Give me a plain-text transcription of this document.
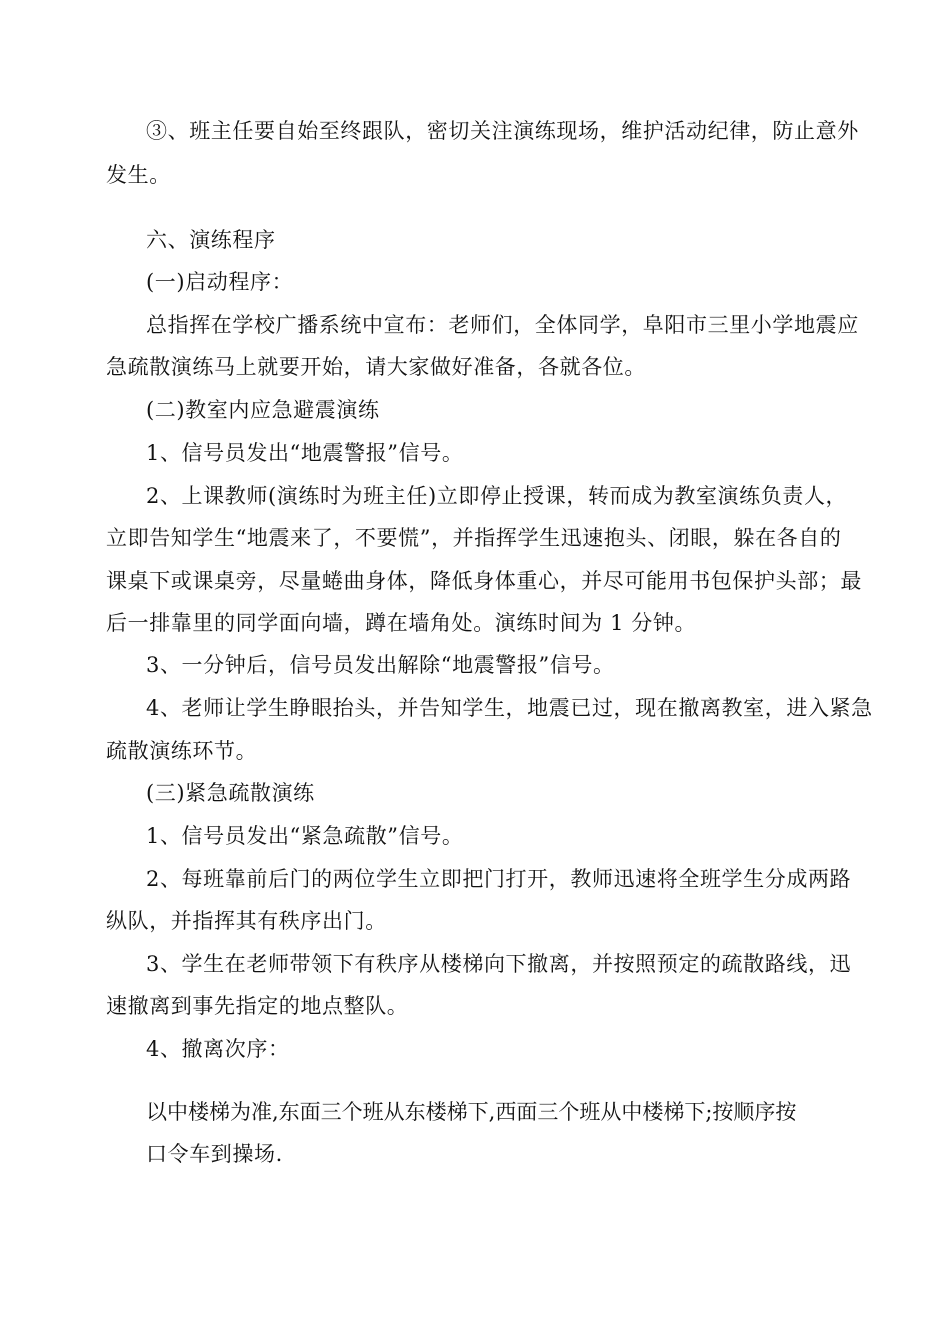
③、班主任要自始至终跟队，密切关注演练现场，维护活动纪律，防止意外
发生。
六、演练程序
(一)启动程序：
总指挥在学校广播系统中宣布：老师们，全体同学，阜阳市三里小学地震应
急疏散演练马上就要开始，请大家做好准备，各就各位。
(二)教室内应急避震演练
1、信号员发出“地震警报”信号。
2、上课教师(演练时为班主任)立即停止授课，转而成为教室演练负责人，
立即告知学生“地震来了，不要慌”，并指挥学生迅速抱头、闭眼，躲在各自的
课桌下或课桌旁，尽量蜷曲身体，降低身体重心，并尽可能用书包保护头部；最
后一排靠里的同学面向墙，蹲在墙角处。演练时间为 1 分钟。
3、一分钟后，信号员发出解除“地震警报”信号。
4、老师让学生睁眼抬头，并告知学生，地震已过，现在撤离教室，进入紧急
疏散演练环节。
(三)紧急疏散演练
1、信号员发出“紧急疏散”信号。
2、每班靠前后门的两位学生立即把门打开，教师迅速将全班学生分成两路
纵队，并指挥其有秩序出门。
3、学生在老师带领下有秩序从楼梯向下撤离，并按照预定的疏散路线，迅
速撤离到事先指定的地点整队。
4、撤离次序：
以中楼梯为准,东面三个班从东楼梯下,西面三个班从中楼梯下;按顺序按
口令车到操场.
